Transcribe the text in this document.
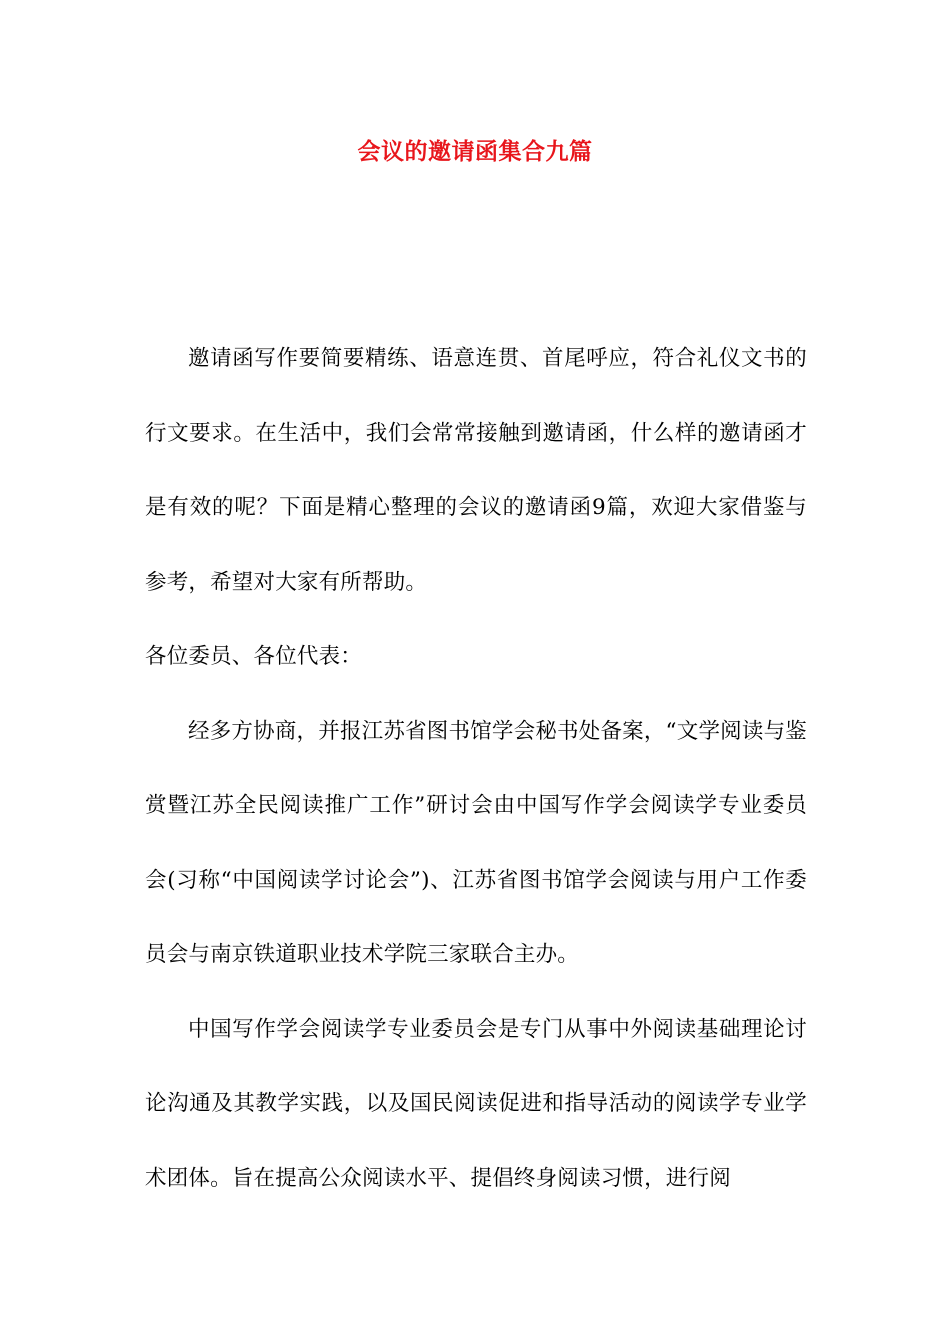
会议的邀请函集合九篇

邀请函写作要简要精练、语意连贯、首尾呼应，符合礼仪文书的行文要求。在生活中，我们会常常接触到邀请函，什么样的邀请函才是有效的呢？下面是精心整理的会议的邀请函9篇，欢迎大家借鉴与参考，希望对大家有所帮助。

各位委员、各位代表：

经多方协商，并报江苏省图书馆学会秘书处备案，“文学阅读与鉴赏暨江苏全民阅读推广工作”研讨会由中国写作学会阅读学专业委员会(习称“中国阅读学讨论会”)、江苏省图书馆学会阅读与用户工作委员会与南京铁道职业技术学院三家联合主办。

中国写作学会阅读学专业委员会是专门从事中外阅读基础理论讨论沟通及其教学实践，以及国民阅读促进和指导活动的阅读学专业学术团体。旨在提高公众阅读水平、提倡终身阅读习惯，进行阅
